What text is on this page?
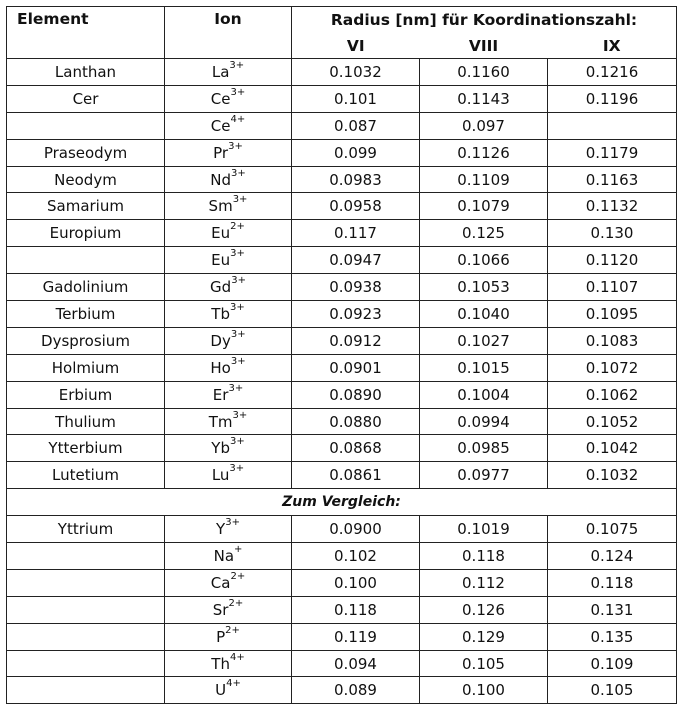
Element	Ion	Radius [nm] für Koordinationszahl:		
		VI	VIII	IX
Lanthan	$La^{3+}$	0.1032	0.1160	0.1216
Cer	$Ce^{3+}$	0.101	0.1143	0.1196
	$Ce^{4+}$	0.087	0.097	
Praseodym	$Pr^{3+}$	0.099	0.1126	0.1179
Neodym	$Nd^{3+}$	0.0983	0.1109	0.1163
Samarium	$Sm^{3+}$	0.0958	0.1079	0.1132
Europium	$Eu^{2+}$	0.117	0.125	0.130
	$Eu^{3+}$	0.0947	0.1066	0.1120
Gadolinium	$Gd^{3+}$	0.0938	0.1053	0.1107
Terbium	$Tb^{3+}$	0.0923	0.1040	0.1095
Dysprosium	$Dy^{3+}$	0.0912	0.1027	0.1083
Holmium	$Ho^{3+}$	0.0901	0.1015	0.1072
Erbium	$Er^{3+}$	0.0890	0.1004	0.1062
Thulium	$Tm^{3+}$	0.0880	0.0994	0.1052
Ytterbium	$Yb^{3+}$	0.0868	0.0985	0.1042
Lutetium	$Lu^{3+}$	0.0861	0.0977	0.1032
Zum Vergleich:				
Yttrium	$Y^{3+}$	0.0900	0.1019	0.1075
	Na+	0.102	0.118	0.124
	$Ca^{2+}$	0.100	0.112	0.118
	$Sr^{2+}$	0.118	0.126	0.131
	$P^{2+}$	0.119	0.129	0.135
	$Th^{4+}$	0.094	0.105	0.109
	$U^{4+}$	0.089	0.100	0.105
